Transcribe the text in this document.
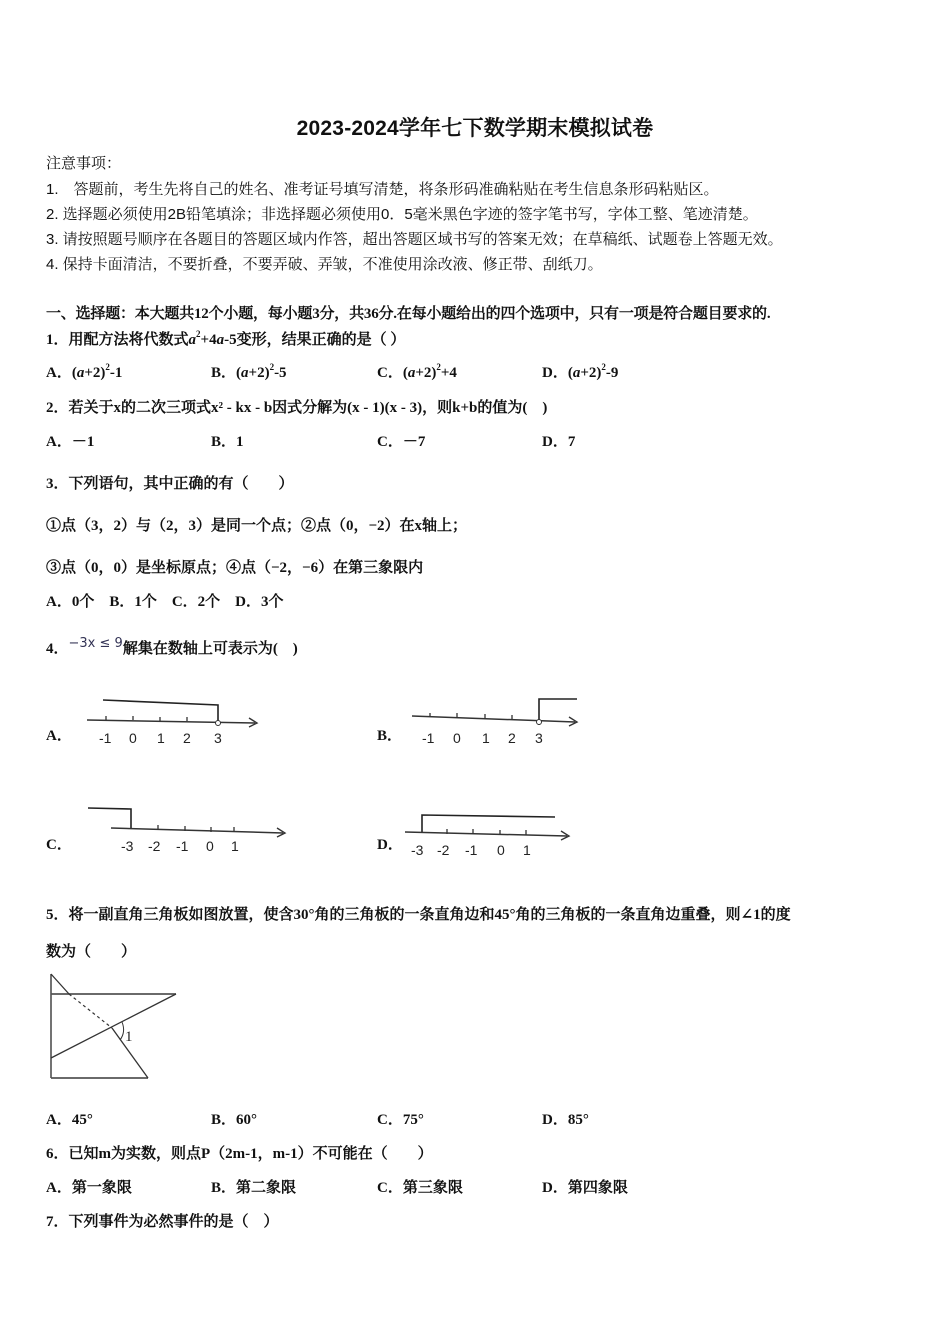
2023-2024学年七下数学期末模拟试卷
注意事项：
1.　答题前，考生先将自己的姓名、准考证号填写清楚，将条形码准确粘贴在考生信息条形码粘贴区。
2. 选择题必须使用2B铅笔填涂；非选择题必须使用0．5毫米黑色字迹的签字笔书写，字体工整、笔迹清楚。
3. 请按照题号顺序在各题目的答题区域内作答，超出答题区域书写的答案无效；在草稿纸、试题卷上答题无效。
4. 保持卡面清洁，不要折叠，不要弄破、弄皱，不准使用涂改液、修正带、刮纸刀。
一、选择题：本大题共12个小题，每小题3分，共36分.在每小题给出的四个选项中，只有一项是符合题目要求的.
1．用配方法将代数式$a^2+4a-5$变形，结果正确的是（ ）
A．$(a+2)^2-1$	B．$(a+2)^2-5$	C．$(a+2)^2+4$	D．$(a+2)^2-9$
2．若关于x的二次三项式x² - kx - b因式分解为(x - 1)(x - 3)，则k+b的值为(　)
A．－1	B．1	C．－7	D．7
3．下列语句，其中正确的有（　　）
①点（3，2）与（2，3）是同一个点；②点（0，−2）在x轴上；
③点（0，0）是坐标原点；④点（−2，−6）在第三象限内
A．0个　B．1个　C．2个　D．3个
4．−3x ≤ 9解集在数轴上可表示为(　)
A． -1 0 1 2 3	B． -1 0 1 2 3
C．	-3 -2 -1 0 1	D． -3 -2 -1 0 1
5．将一副直角三角板如图放置，使含30°角的三角板的一条直角边和45°角的三角板的一条直角边重叠，则∠1的度
数为（　　）
1
A．45°	B．60°	C．75°	D．85°
6．已知m为实数，则点P（2m-1，m-1）不可能在（　　）
A．第一象限	B．第二象限	C．第三象限	D．第四象限
7．下列事件为必然事件的是（　）
